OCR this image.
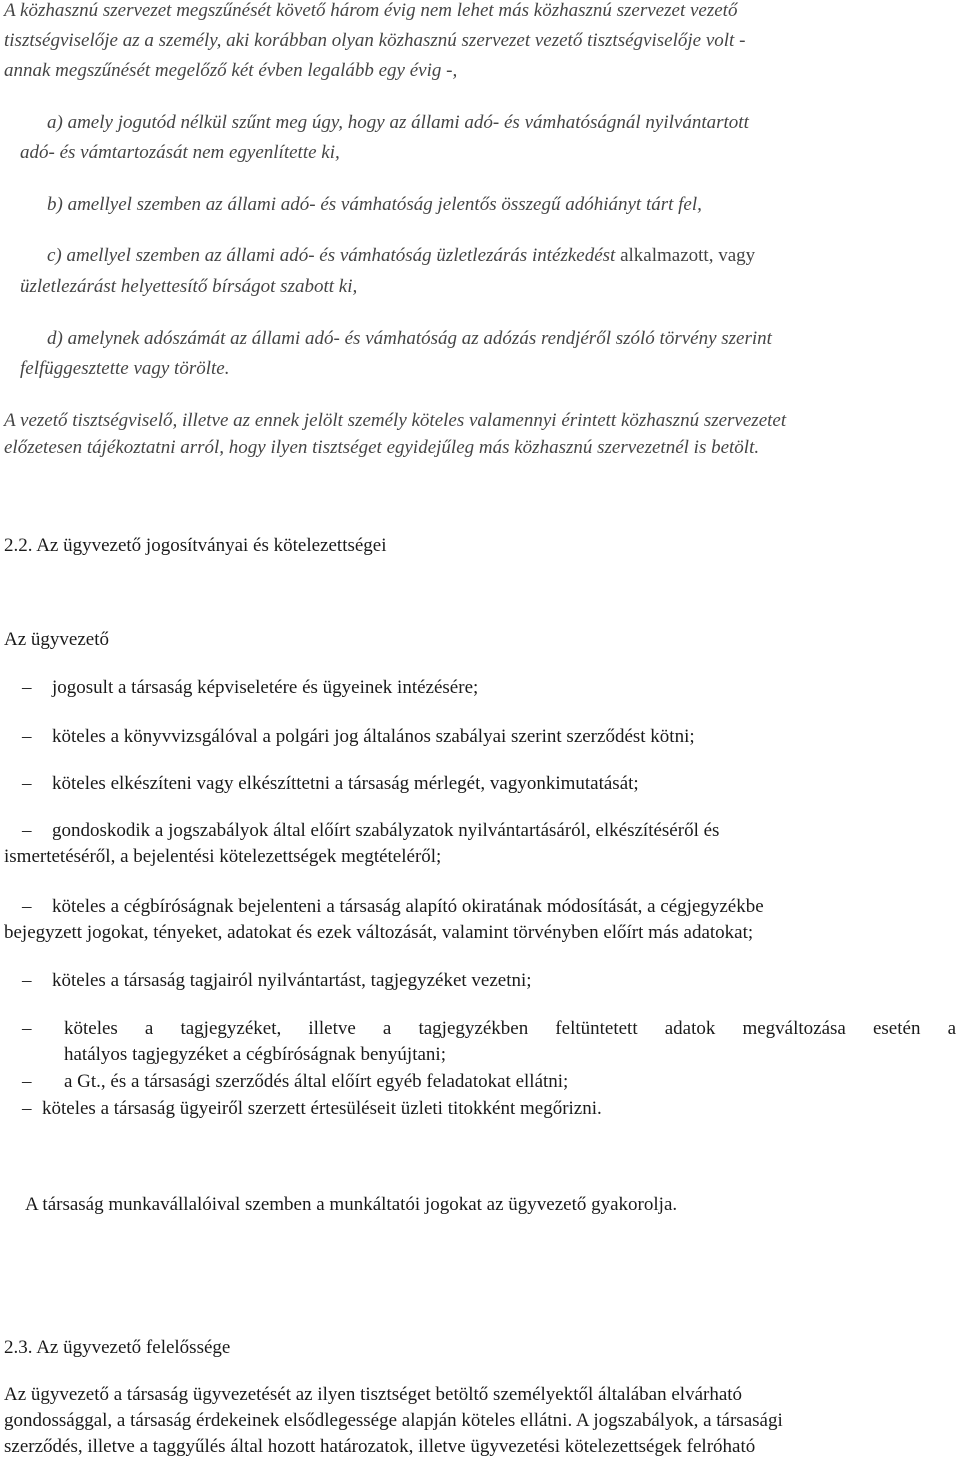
A közhasznú szervezet megszűnését követő három évig nem lehet más közhasznú szervezet vezető
tisztségviselője az a személy, aki korábban olyan közhasznú szervezet vezető tisztségviselője volt -
annak megszűnését megelőző két évben legalább egy évig -,
a) amely jogutód nélkül szűnt meg úgy, hogy az állami adó- és vámhatóságnál nyilvántartott
adó- és vámtartozását nem egyenlítette ki,
b) amellyel szemben az állami adó- és vámhatóság jelentős összegű adóhiányt tárt fel,
c) amellyel szemben az állami adó- és vámhatóság üzletlezárás intézkedést alkalmazott, vagy
üzletlezárást helyettesítő bírságot szabott ki,
d) amelynek adószámát az állami adó- és vámhatóság az adózás rendjéről szóló törvény szerint
felfüggesztette vagy törölte.
A vezető tisztségviselő, illetve az ennek jelölt személy köteles valamennyi érintett közhasznú szervezetet
előzetesen tájékoztatni arról, hogy ilyen tisztséget egyidejűleg más közhasznú szervezetnél is betölt.
2.2. Az ügyvezető jogosítványai és kötelezettségei
Az ügyvezető
–jogosult a társaság képviseletére és ügyeinek intézésére;
–köteles a könyvvizsgálóval a polgári jog általános szabályai szerint szerződést kötni;
–köteles elkészíteni vagy elkészíttetni a társaság mérlegét, vagyonkimutatását;
–gondoskodik a jogszabályok által előírt szabályzatok nyilvántartásáról, elkészítéséről és
ismertetéséről, a bejelentési kötelezettségek megtételéről;
–köteles a cégbíróságnak bejelenteni a társaság alapító okiratának módosítását, a cégjegyzékbe
bejegyzett jogokat, tényeket, adatokat és ezek változását, valamint törvényben előírt más adatokat;
–köteles a társaság tagjairól nyilvántartást, tagjegyzéket vezetni;
–
köteles a tagjegyzéket, illetve a tagjegyzékben feltüntetett adatok megváltozása esetén a
hatályos tagjegyzéket a cégbíróságnak benyújtani;
–
a Gt., és a társasági szerződés által előírt egyéb feladatokat ellátni;
–köteles a társaság ügyeiről szerzett értesüléseit üzleti titokként megőrizni.
A társaság munkavállalóival szemben a munkáltatói jogokat az ügyvezető gyakorolja.
2.3. Az ügyvezető felelőssége
Az ügyvezető a társaság ügyvezetését az ilyen tisztséget betöltő személyektől általában elvárható
gondossággal, a társaság érdekeinek elsődlegessége alapján köteles ellátni. A jogszabályok, a társasági
szerződés, illetve a taggyűlés által hozott határozatok, illetve ügyvezetési kötelezettségek felróható
